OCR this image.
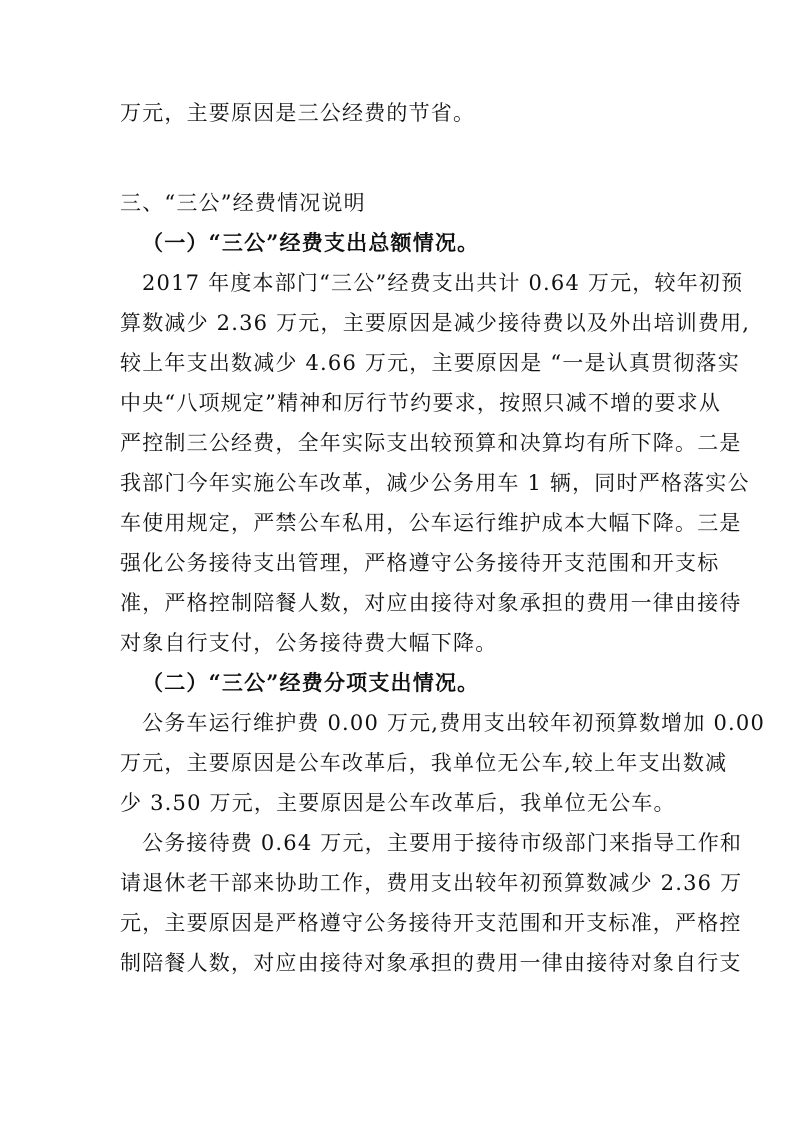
万元，主要原因是三公经费的节省。
三、“三公”经费情况说明
（一）“三公”经费支出总额情况。
2017 年度本部门“三公”经费支出共计 0.64 万元，较年初预
算数减少 2.36 万元，主要原因是减少接待费以及外出培训费用,
较上年支出数减少 4.66 万元，主要原因是 “一是认真贯彻落实
中央“八项规定”精神和厉行节约要求，按照只减不增的要求从
严控制三公经费，全年实际支出较预算和决算均有所下降。二是
我部门今年实施公车改革，减少公务用车 1 辆，同时严格落实公
车使用规定，严禁公车私用，公车运行维护成本大幅下降。三是
强化公务接待支出管理，严格遵守公务接待开支范围和开支标
准，严格控制陪餐人数，对应由接待对象承担的费用一律由接待
对象自行支付，公务接待费大幅下降。
（二）“三公”经费分项支出情况。
公务车运行维护费 0.00 万元,费用支出较年初预算数增加 0.00
万元，主要原因是公车改革后，我单位无公车,较上年支出数减
少 3.50 万元，主要原因是公车改革后，我单位无公车。
公务接待费 0.64 万元，主要用于接待市级部门来指导工作和
请退休老干部来协助工作，费用支出较年初预算数减少 2.36 万
元，主要原因是严格遵守公务接待开支范围和开支标准，严格控
制陪餐人数，对应由接待对象承担的费用一律由接待对象自行支
